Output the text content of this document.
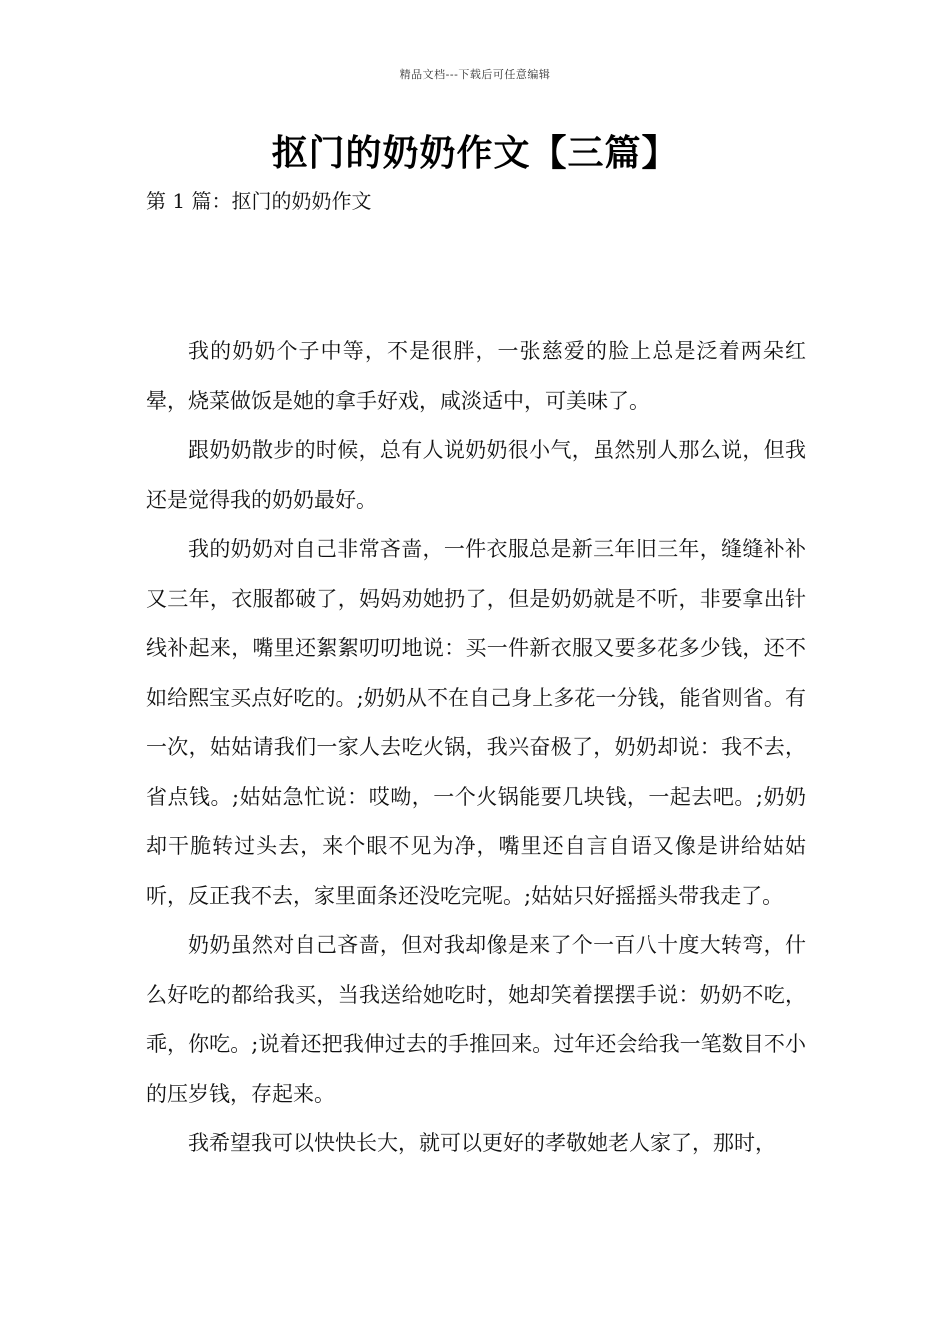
精品文档---下载后可任意编辑
抠门的奶奶作文【三篇】
第 1 篇：抠门的奶奶作文

我的奶奶个子中等，不是很胖，一张慈爱的脸上总是泛着两朵红晕，烧菜做饭是她的拿手好戏，咸淡适中，可美味了。

跟奶奶散步的时候，总有人说奶奶很小气，虽然别人那么说，但我还是觉得我的奶奶最好。

我的奶奶对自己非常吝啬，一件衣服总是新三年旧三年，缝缝补补又三年，衣服都破了，妈妈劝她扔了，但是奶奶就是不听，非要拿出针线补起来，嘴里还絮絮叨叨地说：买一件新衣服又要多花多少钱，还不如给熙宝买点好吃的。;奶奶从不在自己身上多花一分钱，能省则省。有一次，姑姑请我们一家人去吃火锅，我兴奋极了，奶奶却说：我不去，省点钱。;姑姑急忙说：哎呦，一个火锅能要几块钱，一起去吧。;奶奶却干脆转过头去，来个眼不见为净，嘴里还自言自语又像是讲给姑姑听，反正我不去，家里面条还没吃完呢。;姑姑只好摇摇头带我走了。

奶奶虽然对自己吝啬，但对我却像是来了个一百八十度大转弯，什么好吃的都给我买，当我送给她吃时，她却笑着摆摆手说：奶奶不吃，乖，你吃。;说着还把我伸过去的手推回来。过年还会给我一笔数目不小的压岁钱，存起来。

我希望我可以快快长大，就可以更好的孝敬她老人家了，那时，
